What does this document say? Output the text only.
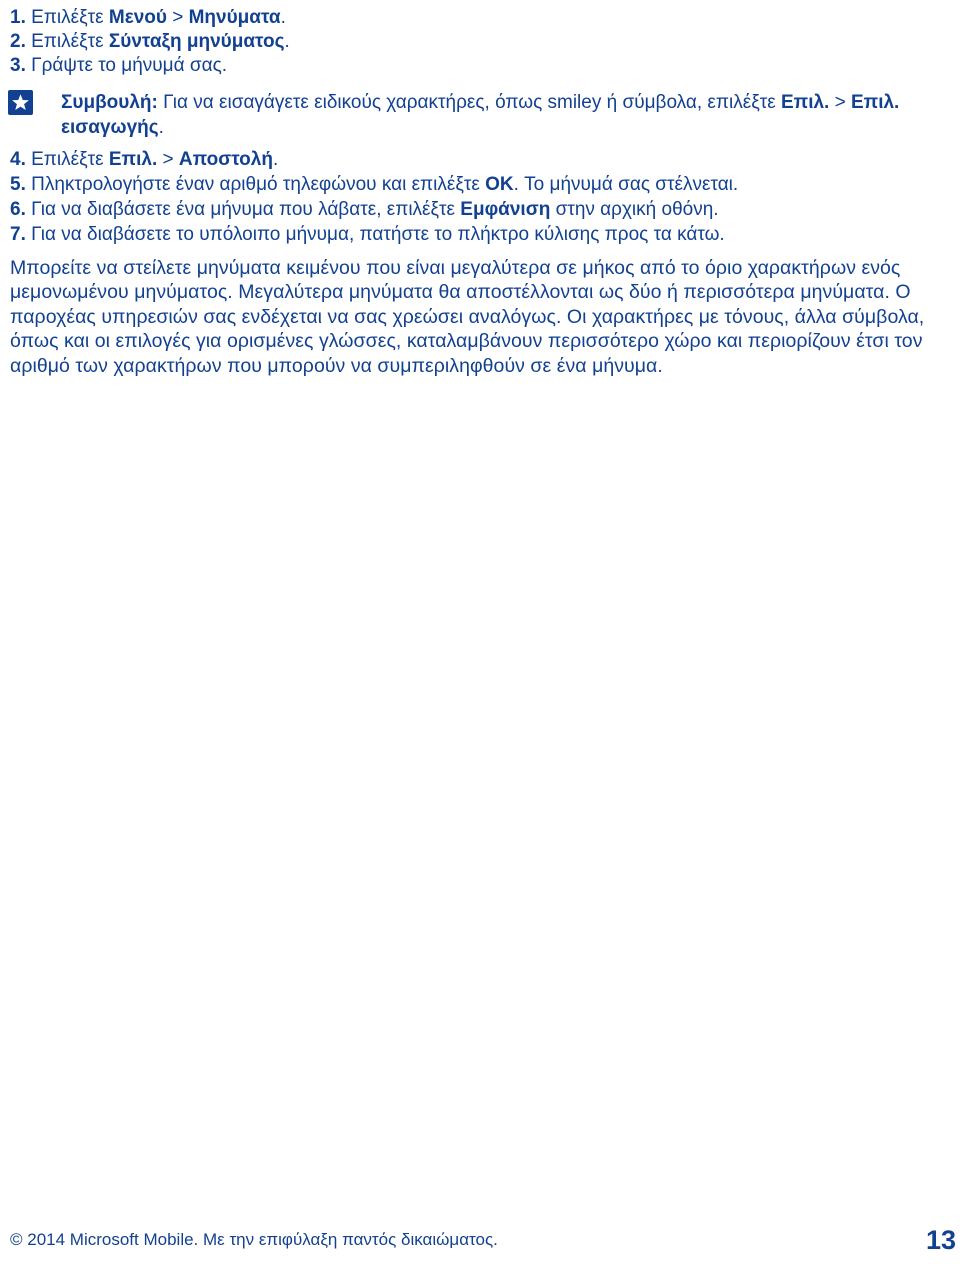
1. Επιλέξτε Μενού > Μηνύματα.
2. Επιλέξτε Σύνταξη μηνύματος.
3. Γράψτε το μήνυμά σας.
Συμβουλή: Για να εισαγάγετε ειδικούς χαρακτήρες, όπως smiley ή σύμβολα, επιλέξτε Επιλ. > Επιλ. εισαγωγής.
4. Επιλέξτε Επιλ. > Αποστολή.
5. Πληκτρολογήστε έναν αριθμό τηλεφώνου και επιλέξτε OK. Το μήνυμά σας στέλνεται.
6. Για να διαβάσετε ένα μήνυμα που λάβατε, επιλέξτε Εμφάνιση στην αρχική οθόνη.
7. Για να διαβάσετε το υπόλοιπο μήνυμα, πατήστε το πλήκτρο κύλισης προς τα κάτω.
Μπορείτε να στείλετε μηνύματα κειμένου που είναι μεγαλύτερα σε μήκος από το όριο χαρακτήρων ενός μεμονωμένου μηνύματος. Μεγαλύτερα μηνύματα θα αποστέλλονται ως δύο ή περισσότερα μηνύματα. Ο παροχέας υπηρεσιών σας ενδέχεται να σας χρεώσει αναλόγως. Οι χαρακτήρες με τόνους, άλλα σύμβολα, όπως και οι επιλογές για ορισμένες γλώσσες, καταλαμβάνουν περισσότερο χώρο και περιορίζουν έτσι τον αριθμό των χαρακτήρων που μπορούν να συμπεριληφθούν σε ένα μήνυμα.
© 2014 Microsoft Mobile. Με την επιφύλαξη παντός δικαιώματος.	13
